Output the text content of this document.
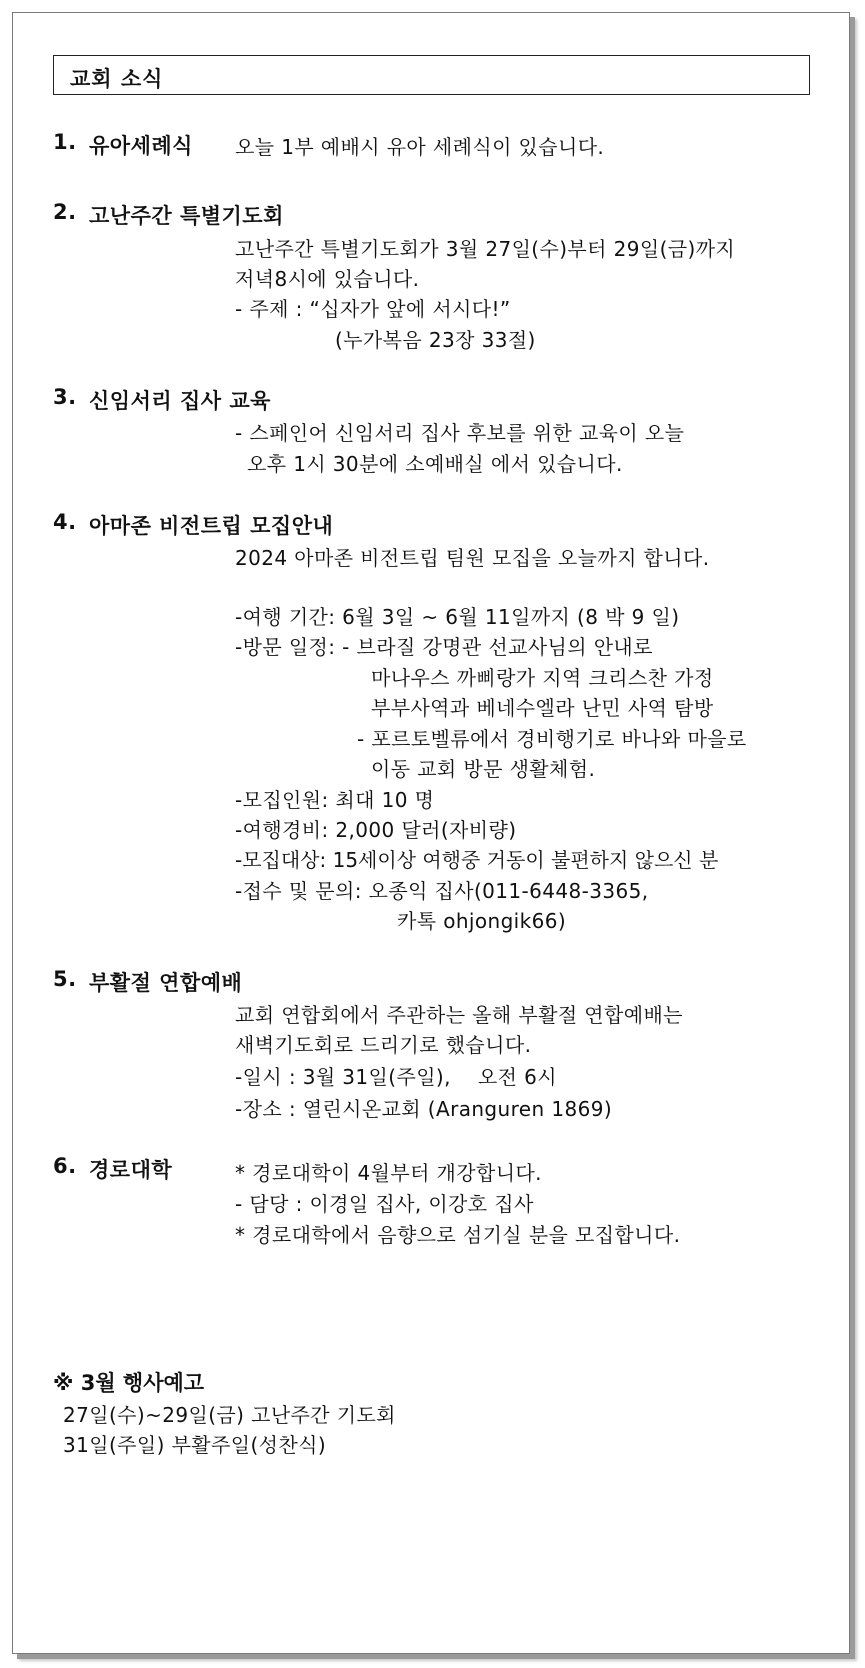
교회 소식
1. 유아세례식 오늘 1부 예배시 유아 세례식이 있습니다.
2. 고난주간 특별기도회
고난주간 특별기도회가 3월 27일(수)부터 29일(금)까지
저녁8시에 있습니다.
- 주제 : “십자가 앞에 서시다!”
(누가복음 23장 33절)
3. 신임서리 집사 교육
- 스페인어 신임서리 집사 후보를 위한 교육이 오늘
오후 1시 30분에 소예배실 에서 있습니다.
4. 아마존 비전트립 모집안내
2024 아마존 비전트립 팀원 모집을 오늘까지 합니다.
-여행 기간: 6월 3일 ~ 6월 11일까지 (8 박 9 일)
-방문 일정: - 브라질 강명관 선교사님의 안내로
마나우스 까삐랑가 지역 크리스찬 가정
부부사역과 베네수엘라 난민 사역 탐방
- 포르토벨류에서 경비행기로 바나와 마을로
이동 교회 방문 생활체험.
-모집인원: 최대 10 명
-여행경비: 2,000 달러(자비량)
-모집대상: 15세이상 여행중 거동이 불편하지 않으신 분
-접수 및 문의: 오종익 집사(011-6448-3365,
카톡 ohjongik66)
5. 부활절 연합예배
교회 연합회에서 주관하는 올해 부활절 연합예배는
새벽기도회로 드리기로 했습니다.
-일시 : 3월 31일(주일),    오전 6시
-장소 : 열린시온교회 (Aranguren 1869)
6. 경로대학	* 경로대학이 4월부터 개강합니다.
- 담당 : 이경일 집사, 이강호 집사
* 경로대학에서 음향으로 섬기실 분을 모집합니다.
※ 3월 행사예고
27일(수)~29일(금) 고난주간 기도회
31일(주일) 부활주일(성찬식)
